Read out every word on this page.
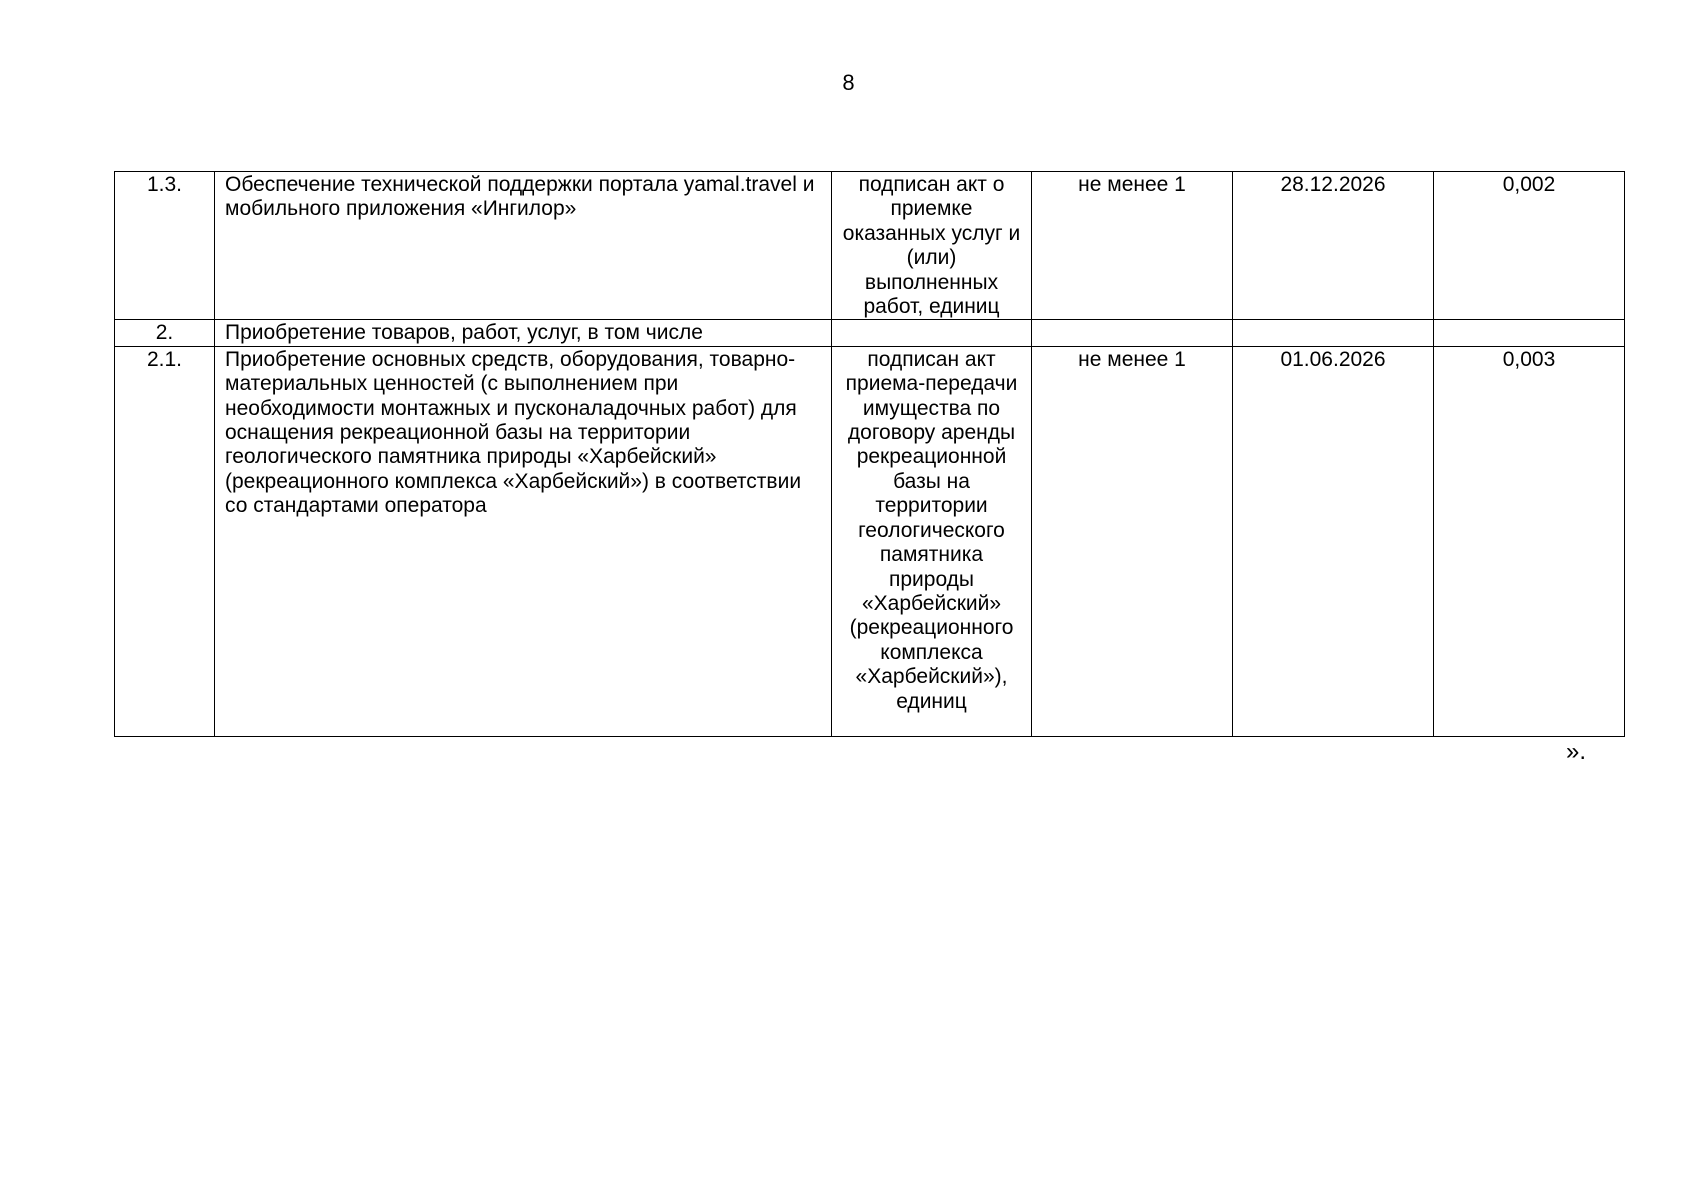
8
1.3.	Обеспечение технической поддержки портала yamal.travel и мобильного приложения «Ингилор»	подписан акт о приемке оказанных услуг и (или) выполненных работ, единиц	не менее 1	28.12.2026	0,002
2.	Приобретение товаров, работ, услуг, в том числе				
2.1.	Приобретение основных средств, оборудования, товарно-материальных ценностей (с выполнением при необходимости монтажных и пусконаладочных работ) для оснащения рекреационной базы на территории геологического памятника природы «Харбейский» (рекреационного комплекса «Харбейский») в соответствии со стандартами оператора	подписан акт приема-передачи имущества по договору аренды рекреационной базы на территории геологического памятника природы «Харбейский» (рекреационного комплекса «Харбейский»), единиц	не менее 1	01.06.2026	0,003
».
